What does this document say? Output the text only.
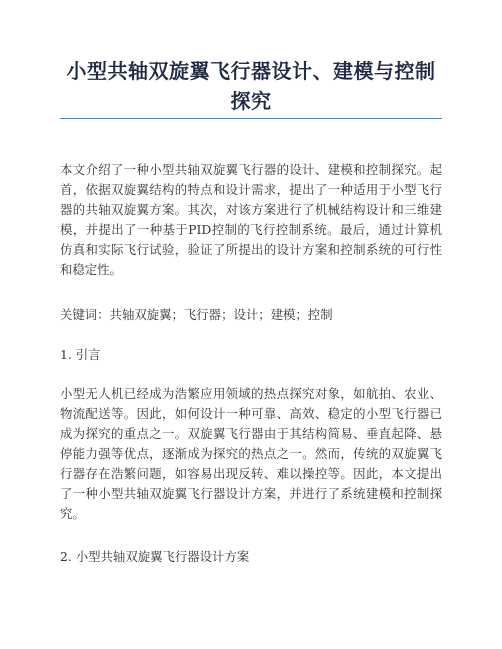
小型共轴双旋翼飞行器设计、建模与控制探究

本文介绍了一种小型共轴双旋翼飞行器的设计、建模和控制探究。起首，依据双旋翼结构的特点和设计需求，提出了一种适用于小型飞行器的共轴双旋翼方案。其次，对该方案进行了机械结构设计和三维建模，并提出了一种基于PID控制的飞行控制系统。最后，通过计算机仿真和实际飞行试验，验证了所提出的设计方案和控制系统的可行性和稳定性。

关键词：共轴双旋翼；飞行器；设计；建模；控制

1. 引言

小型无人机已经成为浩繁应用领域的热点探究对象，如航拍、农业、物流配送等。因此，如何设计一种可靠、高效、稳定的小型飞行器已成为探究的重点之一。双旋翼飞行器由于其结构简易、垂直起降、悬停能力强等优点，逐渐成为探究的热点之一。然而，传统的双旋翼飞行器存在浩繁问题，如容易出现反转、难以操控等。因此，本文提出了一种小型共轴双旋翼飞行器设计方案，并进行了系统建模和控制探究。

2. 小型共轴双旋翼飞行器设计方案
